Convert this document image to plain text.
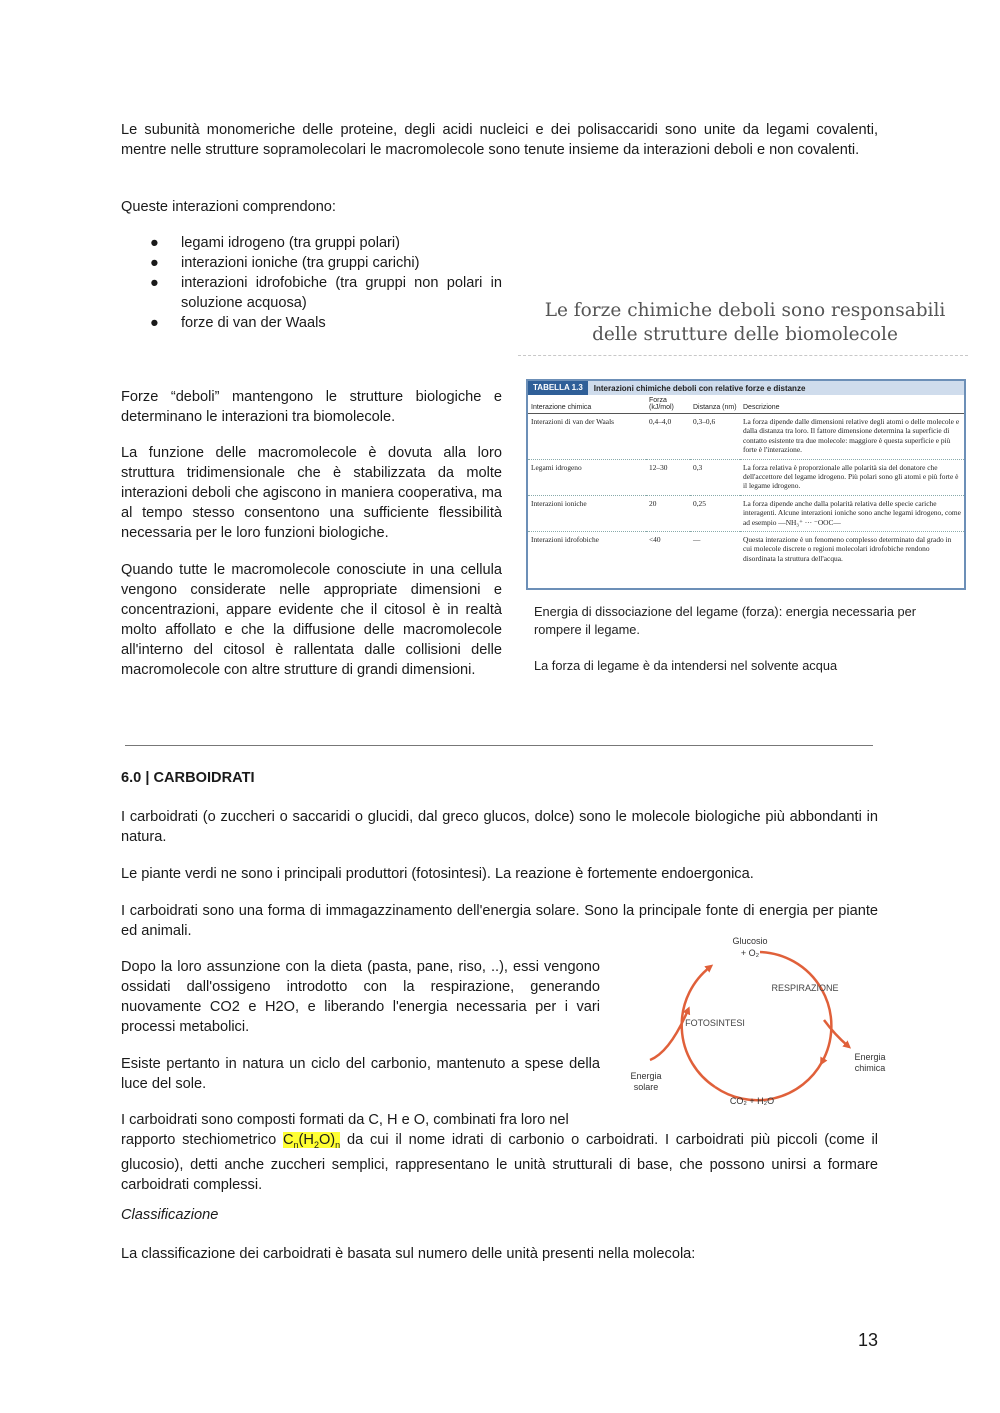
Le subunità monomeriche delle proteine, degli acidi nucleici e dei polisaccaridi sono unite da legami covalenti, mentre nelle strutture sopramolecolari le macromolecole sono tenute insieme da interazioni deboli e non covalenti.

Queste interazioni comprendono:

● legami idrogeno (tra gruppi polari)
● interazioni ioniche (tra gruppi carichi)
● interazioni idrofobiche (tra gruppi non polari in soluzione acquosa)
● forze di van der Waals

Forze “deboli” mantengono le strutture biologiche e determinano le interazioni tra biomolecole.

La funzione delle macromolecole è dovuta alla loro struttura tridimensionale che è stabilizzata da molte interazioni deboli che agiscono in maniera cooperativa, ma al tempo stesso consentono una sufficiente flessibilità necessaria per le loro funzioni biologiche.

Quando tutte le macromolecole conosciute in una cellula vengono considerate nelle appropriate dimensioni e concentrazioni, appare evidente che il citosol è in realtà molto affollato e che la diffusione delle macromolecole all'interno del citosol è rallentata dalle collisioni delle macromolecole con altre strutture di grandi dimensioni.

Le forze chimiche deboli sono responsabili
delle strutture delle biomolecole
TABELLA 1.3	Interazioni chimiche deboli con relative forze e distanze
Interazione chimica	Forza (kJ/mol)	Distanza (nm)	Descrizione
Interazioni di van der Waals	0,4–4,0	0,3–0,6	La forza dipende dalle dimensioni relative degli atomi o delle molecole e dalla distanza tra loro. Il fattore dimensione determina la superficie di contatto esistente tra due molecole: maggiore è questa superficie e più forte è l'interazione.
Legami idrogeno	12–30	0,3	La forza relativa è proporzionale alle polarità sia del donatore che dell'accettore del legame idrogeno. Più polari sono gli atomi e più forte è il legame idrogeno.
Interazioni ioniche	20	0,25	La forza dipende anche dalla polarità relativa delle specie cariche interagenti. Alcune interazioni ioniche sono anche legami idrogeno, come ad esempio —NH₃⁺ ··· ⁻OOC—
Interazioni idrofobiche	<40	—	Questa interazione è un fenomeno complesso determinato dal grado in cui molecole discrete o regioni molecolari idrofobiche rendono disordinata la struttura dell'acqua.
Energia di dissociazione del legame (forza): energia necessaria per rompere il legame.
La forza di legame è da intendersi nel solvente acqua
6.0 | CARBOIDRATI

I carboidrati (o zuccheri o saccaridi o glucidi, dal greco glucos, dolce) sono le molecole biologiche più abbondanti in natura.

Le piante verdi ne sono i principali produttori (fotosintesi). La reazione è fortemente endoergonica.

I carboidrati sono una forma di immagazzinamento dell'energia solare. Sono la principale fonte di energia per piante ed animali.

Dopo la loro assunzione con la dieta (pasta, pane, riso, ..), essi vengono ossidati dall'ossigeno introdotto con la respirazione, generando nuovamente CO2 e H2O, e liberando l'energia necessaria per i vari processi metabolici.

Esiste pertanto in natura un ciclo del carbonio, mantenuto a spese della luce del sole.

I carboidrati sono composti formati da C, H e O, combinati fra loro nel
rapporto stechiometrico $C_n(H_2O)_n$ da cui il nome idrati di carbonio o carboidrati. I carboidrati più piccoli (come il glucosio), detti anche zuccheri semplici, rappresentano le unità strutturali di base, che possono unirsi a formare carboidrati complessi.
Classificazione

La classificazione dei carboidrati è basata sul numero delle unità presenti nella molecola:

Glucosio
+ O₂
RESPIRAZIONE
FOTOSINTESI
Energia
chimica
Energia
solare
CO₂ + H₂O
13
